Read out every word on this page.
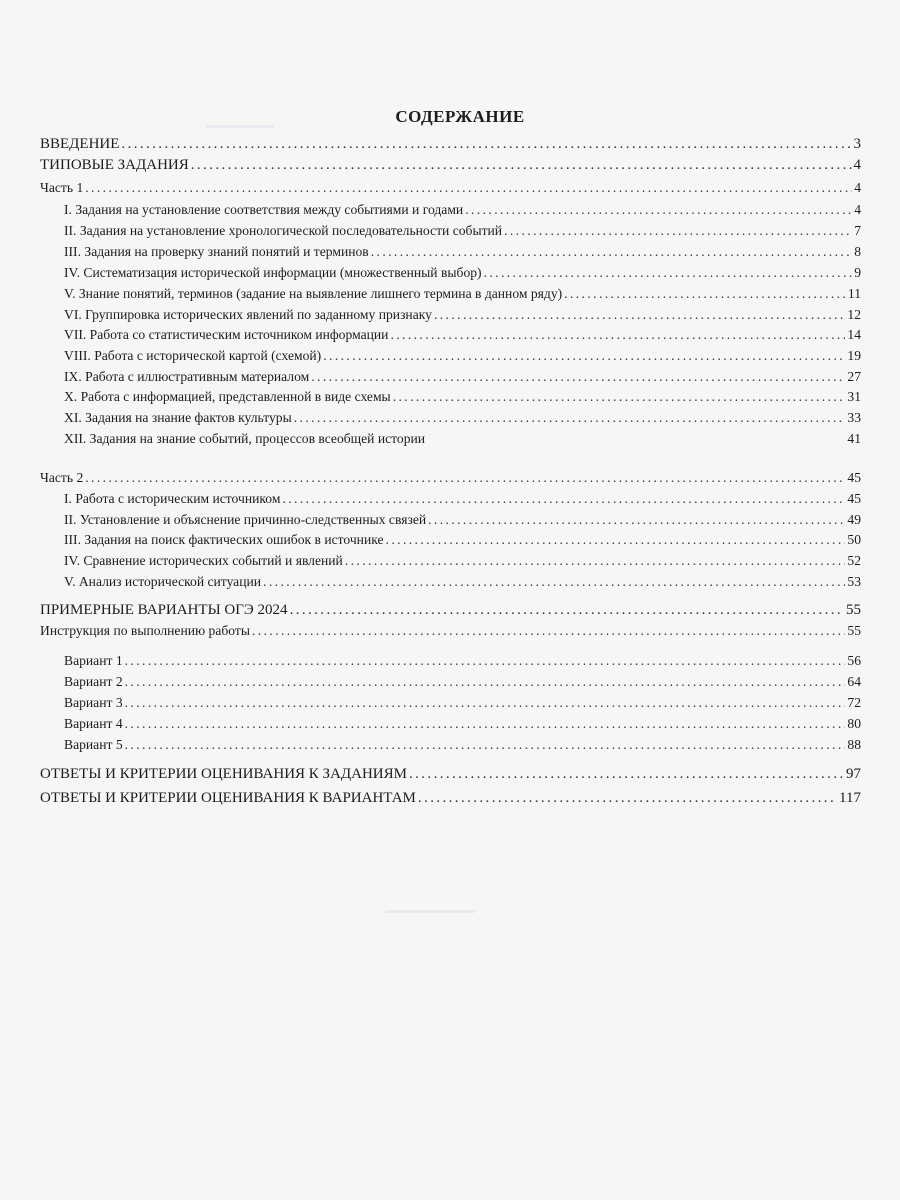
СОДЕРЖАНИЕ
ВВЕДЕНИЕ .....	3
ТИПОВЫЕ ЗАДАНИЯ .....	4
Часть 1 .....	4
I. Задания на установление соответствия между событиями и годами .....	4
II. Задания на установление хронологической последовательности событий .....	7
III. Задания на проверку знаний понятий и терминов .....	8
IV. Систематизация исторической информации (множественный выбор) .....	9
V. Знание понятий, терминов (задание на выявление лишнего термина в данном ряду) .....	11
VI. Группировка исторических явлений по заданному признаку .....	12
VII. Работа со статистическим источником информации .....	14
VIII. Работа с исторической картой (схемой) .....	19
IX. Работа с иллюстративным материалом .....	27
X. Работа с информацией, представленной в виде схемы .....	31
XI. Задания на знание фактов культуры .....	33
XII. Задания на знание событий, процессов всеобщей истории	41
Часть 2 .....	45
I. Работа с историческим источником .....	45
II. Установление и объяснение причинно-следственных связей .....	49
III. Задания на поиск фактических ошибок в источнике .....	50
IV. Сравнение исторических событий и явлений .....	52
V. Анализ исторической ситуации .....	53
ПРИМЕРНЫЕ ВАРИАНТЫ ОГЭ 2024 .....	55
Инструкция по выполнению работы .....	55
Вариант 1 .....	56
Вариант 2 .....	64
Вариант 3 .....	72
Вариант 4 .....	80
Вариант 5 .....	88
ОТВЕТЫ И КРИТЕРИИ ОЦЕНИВАНИЯ К ЗАДАНИЯМ .....	97
ОТВЕТЫ И КРИТЕРИИ ОЦЕНИВАНИЯ К ВАРИАНТАМ .....	117
